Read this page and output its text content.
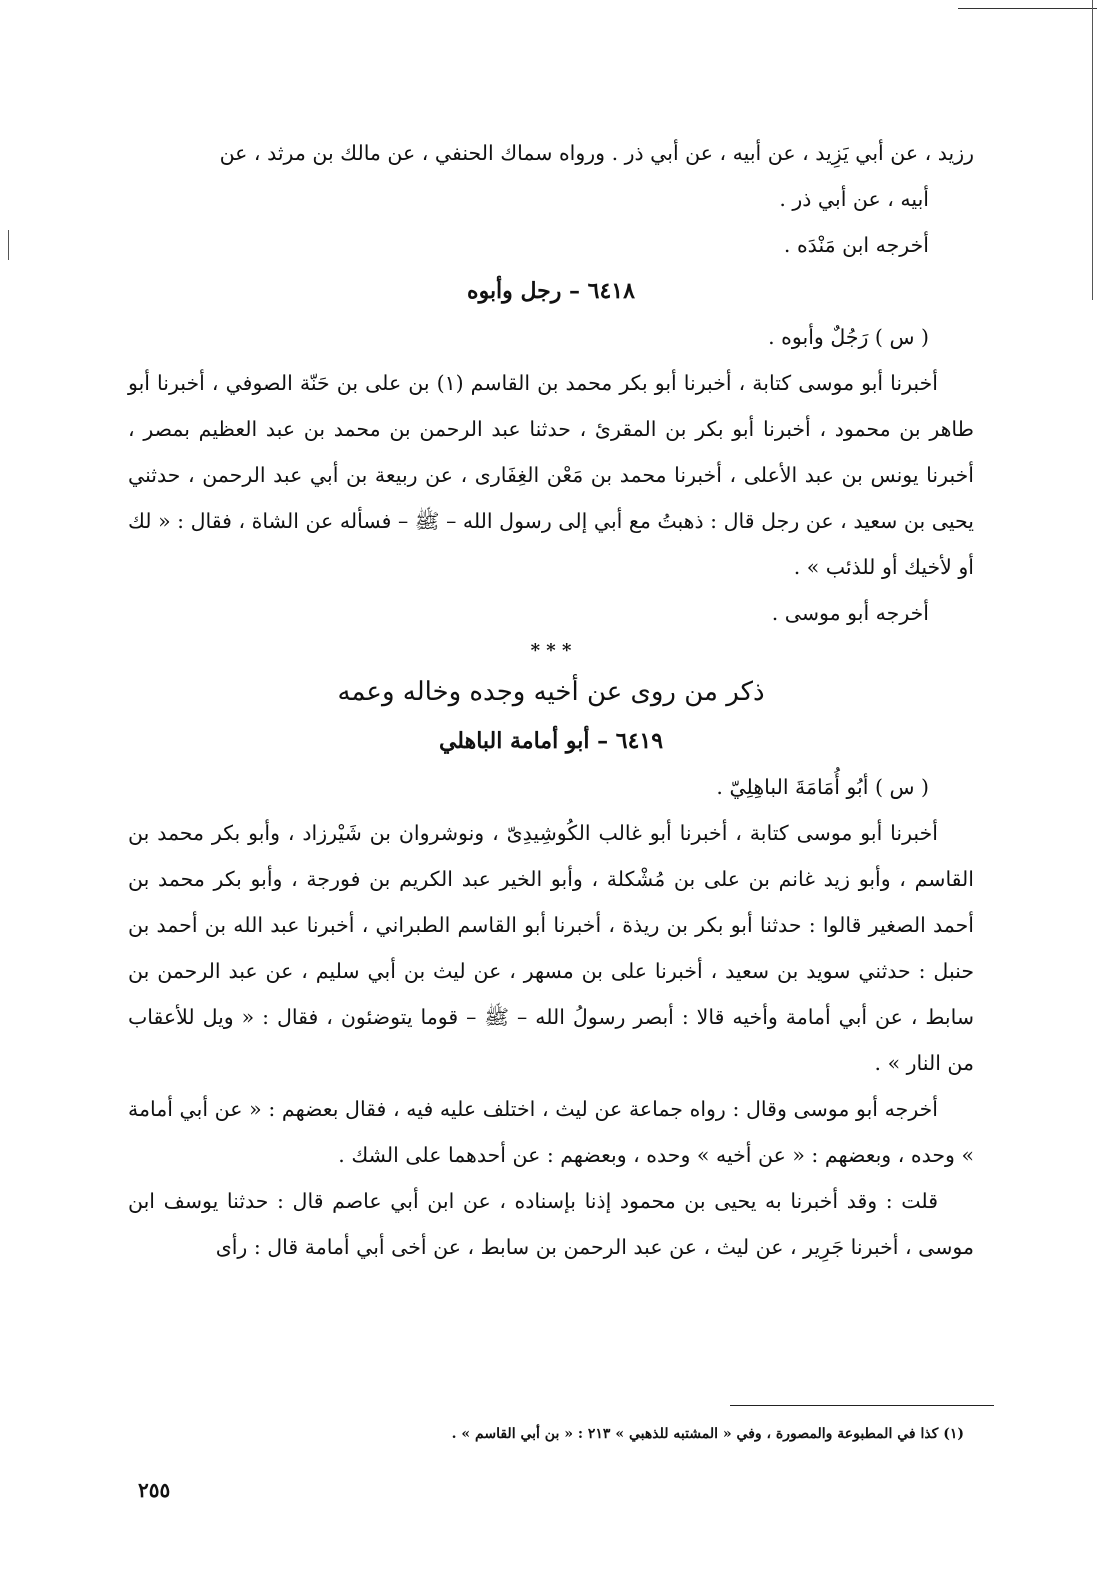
رزيد ، عن أبي يَزِيد ، عن أبيه ، عن أبي ذر . ورواه سماك الحنفي ، عن مالك بن مرثد ، عن

أبيه ، عن أبي ذر .

أخرجه ابن مَنْدَه .

٦٤١٨ – رجل وأبوه

( س ) رَجُلٌ وأبوه .

أخبرنا أبو موسى كتابة ، أخبرنا أبو بكر محمد بن القاسم (١) بن على بن حَنّة الصوفي ، أخبرنا أبو طاهر بن محمود ، أخبرنا أبو بكر بن المقرئ ، حدثنا عبد الرحمن بن محمد بن عبد العظيم بمصر ، أخبرنا يونس بن عبد الأعلى ، أخبرنا محمد بن مَعْن الغِفَارى ، عن ربيعة بن أبي عبد الرحمن ، حدثني يحيى بن سعيد ، عن رجل قال : ذهبتُ مع أبي إلى رسول الله – ﷺ – فسأله عن الشاة ، فقال : « لك أو لأخيك أو للذئب » .

أخرجه أبو موسى .

* * *

ذكر من روى عن أخيه وجده وخاله وعمه

٦٤١٩ – أبو أمامة الباهلي

( س ) أبُو أُمَامَةَ الباهِلِيّ .

أخبرنا أبو موسى كتابة ، أخبرنا أبو غالب الكُوشِيدِىّ ، ونوشروان بن شَيْرزاد ، وأبو بكر محمد بن القاسم ، وأبو زيد غانم بن على بن مُشْكلة ، وأبو الخير عبد الكريم بن فورجة ، وأبو بكر محمد بن أحمد الصغير قالوا : حدثنا أبو بكر بن ريذة ، أخبرنا أبو القاسم الطبراني ، أخبرنا عبد الله بن أحمد بن حنبل : حدثني سويد بن سعيد ، أخبرنا على بن مسهر ، عن ليث بن أبي سليم ، عن عبد الرحمن بن سابط ، عن أبي أمامة وأخيه قالا : أبصر رسولُ الله – ﷺ – قوما يتوضئون ، فقال : « ويل للأعقاب من النار » .

أخرجه أبو موسى وقال : رواه جماعة عن ليث ، اختلف عليه فيه ، فقال بعضهم : « عن أبي أمامة » وحده ، وبعضهم : « عن أخيه » وحده ، وبعضهم : عن أحدهما على الشك .

قلت : وقد أخبرنا به يحيى بن محمود إذنا بإسناده ، عن ابن أبي عاصم قال : حدثنا يوسف ابن موسى ، أخبرنا جَرِير ، عن ليث ، عن عبد الرحمن بن سابط ، عن أخى أبي أمامة قال : رأى

(١) كذا في المطبوعة والمصورة ، وفي « المشتبه للذهبي » ٢١٣ : « بن أبي القاسم » .
٢٥٥
